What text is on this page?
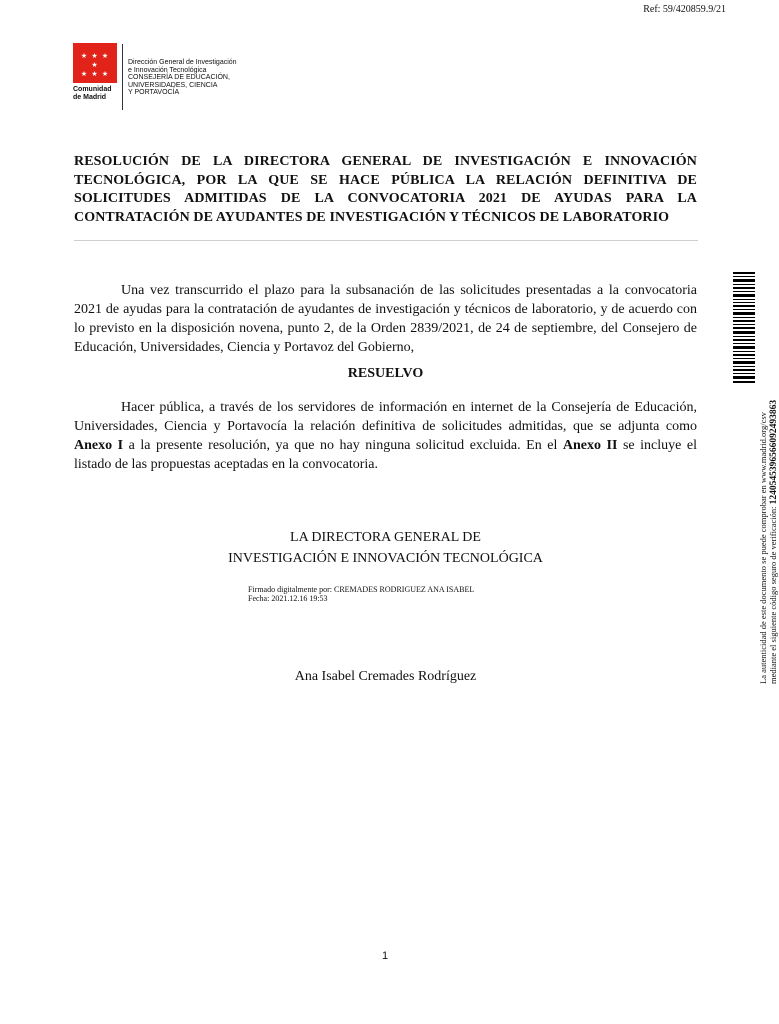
Ref: 59/420859.9/21
★ ★ ★ ★
★ ★ ★
Comunidad
de Madrid
Dirección General de Investigación
e Innovación Tecnológica
CONSEJERÍA DE EDUCACIÓN,
UNIVERSIDADES, CIENCIA
Y PORTAVOCÍA
RESOLUCIÓN DE LA DIRECTORA GENERAL DE INVESTIGACIÓN E INNOVACIÓN TECNOLÓGICA, POR LA QUE SE HACE PÚBLICA LA RELACIÓN DEFINITIVA DE SOLICITUDES ADMITIDAS DE LA CONVOCATORIA 2021 DE AYUDAS PARA LA CONTRATACIÓN DE AYUDANTES DE INVESTIGACIÓN Y TÉCNICOS DE LABORATORIO
Una vez transcurrido el plazo para la subsanación de las solicitudes presentadas a la convocatoria 2021 de ayudas para la contratación de ayudantes de investigación y técnicos de laboratorio, y de acuerdo con lo previsto en la disposición novena, punto 2, de la Orden 2839/2021, de 24 de septiembre, del Consejero de Educación, Universidades, Ciencia y Portavoz del Gobierno,
RESUELVO
Hacer pública, a través de los servidores de información en internet de la Consejería de Educación, Universidades, Ciencia y Portavocía la relación definitiva de solicitudes admitidas, que se adjunta como Anexo I a la presente resolución, ya que no hay ninguna solicitud excluida. En el Anexo II se incluye el listado de las propuestas aceptadas en la convocatoria.
LA DIRECTORA GENERAL DE
INVESTIGACIÓN E INNOVACIÓN TECNOLÓGICA
Firmado digitalmente por: CREMADES RODRIGUEZ ANA ISABEL
Fecha: 2021.12.16 19:53
Ana Isabel Cremades Rodríguez
1
La autenticidad de este documento se puede comprobar en www.madrid.org/csv mediante el siguiente código seguro de verificación: 1240545396566092493863
